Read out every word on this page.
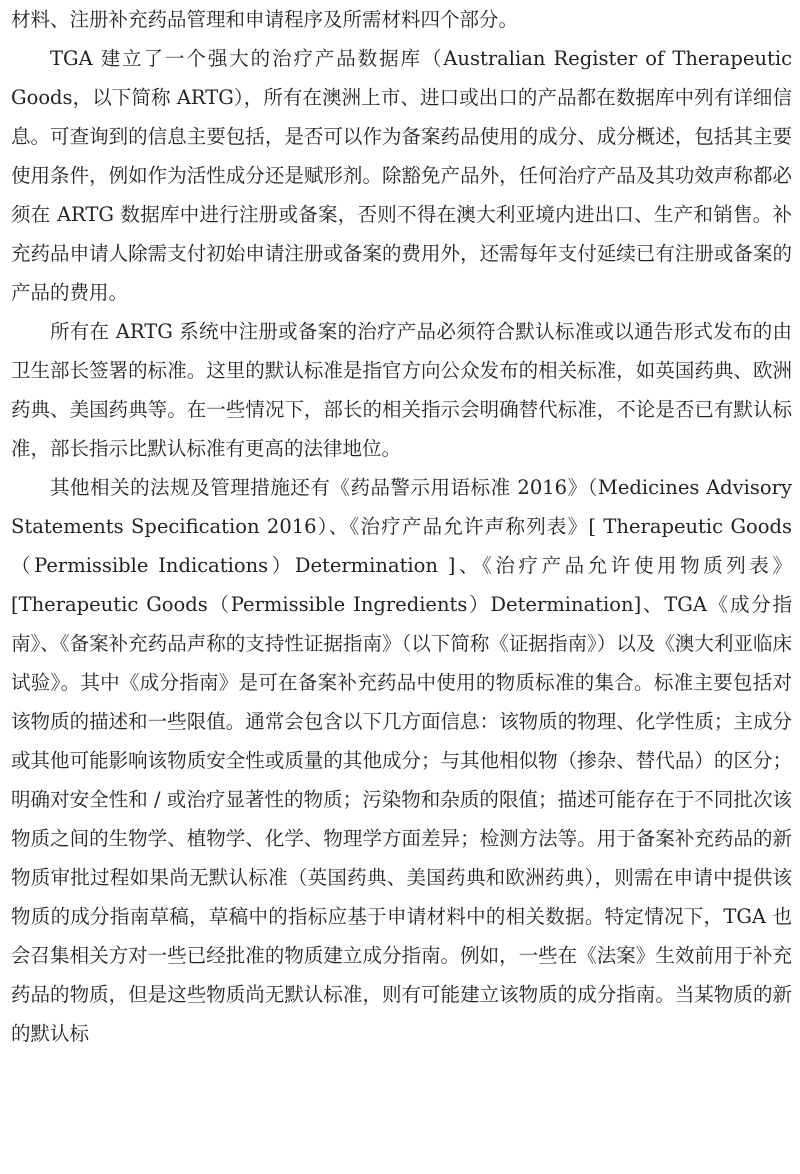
材料、注册补充药品管理和申请程序及所需材料四个部分。

TGA 建立了一个强大的治疗产品数据库（Australian Register of Therapeutic Goods，以下简称 ARTG），所有在澳洲上市、进口或出口的产品都在数据库中列有详细信息。可查询到的信息主要包括，是否可以作为备案药品使用的成分、成分概述，包括其主要使用条件，例如作为活性成分还是赋形剂。除豁免产品外，任何治疗产品及其功效声称都必须在 ARTG 数据库中进行注册或备案，否则不得在澳大利亚境内进出口、生产和销售。补充药品申请人除需支付初始申请注册或备案的费用外，还需每年支付延续已有注册或备案的产品的费用。

所有在 ARTG 系统中注册或备案的治疗产品必须符合默认标准或以通告形式发布的由卫生部长签署的标准。这里的默认标准是指官方向公众发布的相关标准，如英国药典、欧洲药典、美国药典等。在一些情况下，部长的相关指示会明确替代标准，不论是否已有默认标准，部长指示比默认标准有更高的法律地位。

其他相关的法规及管理措施还有《药品警示用语标准 2016》（Medicines Advisory Statements Specification 2016）、《治疗产品允许声称列表》[ Therapeutic Goods（Permissible Indications）Determination ]、《治疗产品允许使用物质列表》[Therapeutic Goods（Permissible Ingredients）Determination]、TGA《成分指南》、《备案补充药品声称的支持性证据指南》（以下简称《证据指南》）以及《澳大利亚临床试验》。其中《成分指南》是可在备案补充药品中使用的物质标准的集合。标准主要包括对该物质的描述和一些限值。通常会包含以下几方面信息：该物质的物理、化学性质；主成分或其他可能影响该物质安全性或质量的其他成分；与其他相似物（掺杂、替代品）的区分；明确对安全性和 / 或治疗显著性的物质；污染物和杂质的限值；描述可能存在于不同批次该物质之间的生物学、植物学、化学、物理学方面差异；检测方法等。用于备案补充药品的新物质审批过程如果尚无默认标准（英国药典、美国药典和欧洲药典），则需在申请中提供该物质的成分指南草稿，草稿中的指标应基于申请材料中的相关数据。特定情况下，TGA 也会召集相关方对一些已经批准的物质建立成分指南。例如，一些在《法案》生效前用于补充药品的物质，但是这些物质尚无默认标准，则有可能建立该物质的成分指南。当某物质的新的默认标
